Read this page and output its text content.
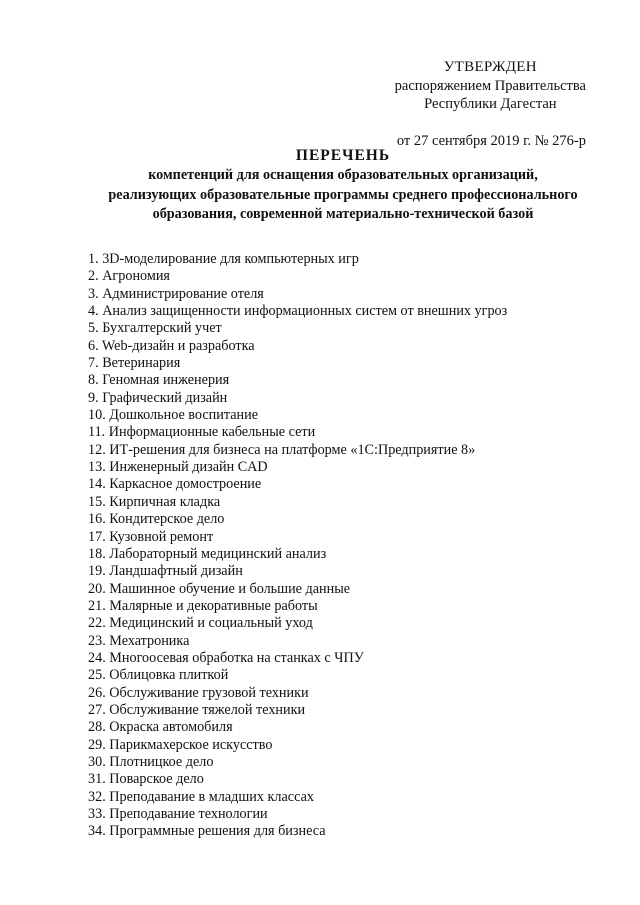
УТВЕРЖДЕН
распоряжением Правительства
Республики Дагестан
от 27 сентября 2019 г. № 276-р
ПЕРЕЧЕНЬ
компетенций для оснащения образовательных организаций,
реализующих образовательные программы среднего профессионального
образования, современной материально-технической базой
1. 3D-моделирование для компьютерных игр
2. Агрономия
3. Администрирование отеля
4. Анализ защищенности информационных систем от внешних угроз
5. Бухгалтерский учет
6. Web-дизайн и разработка
7. Ветеринария
8. Геномная инженерия
9. Графический дизайн
10. Дошкольное воспитание
11. Информационные кабельные сети
12. ИТ-решения для бизнеса на платформе «1С:Предприятие 8»
13. Инженерный дизайн CAD
14. Каркасное домостроение
15. Кирпичная кладка
16. Кондитерское дело
17. Кузовной ремонт
18. Лабораторный медицинский анализ
19. Ландшафтный дизайн
20. Машинное обучение и большие данные
21. Малярные и декоративные работы
22. Медицинский и социальный уход
23. Мехатроника
24. Многоосевая обработка на станках с ЧПУ
25. Облицовка плиткой
26. Обслуживание грузовой техники
27. Обслуживание тяжелой техники
28. Окраска автомобиля
29. Парикмахерское искусство
30. Плотницкое дело
31. Поварское дело
32. Преподавание в младших классах
33. Преподавание технологии
34. Программные решения для бизнеса
